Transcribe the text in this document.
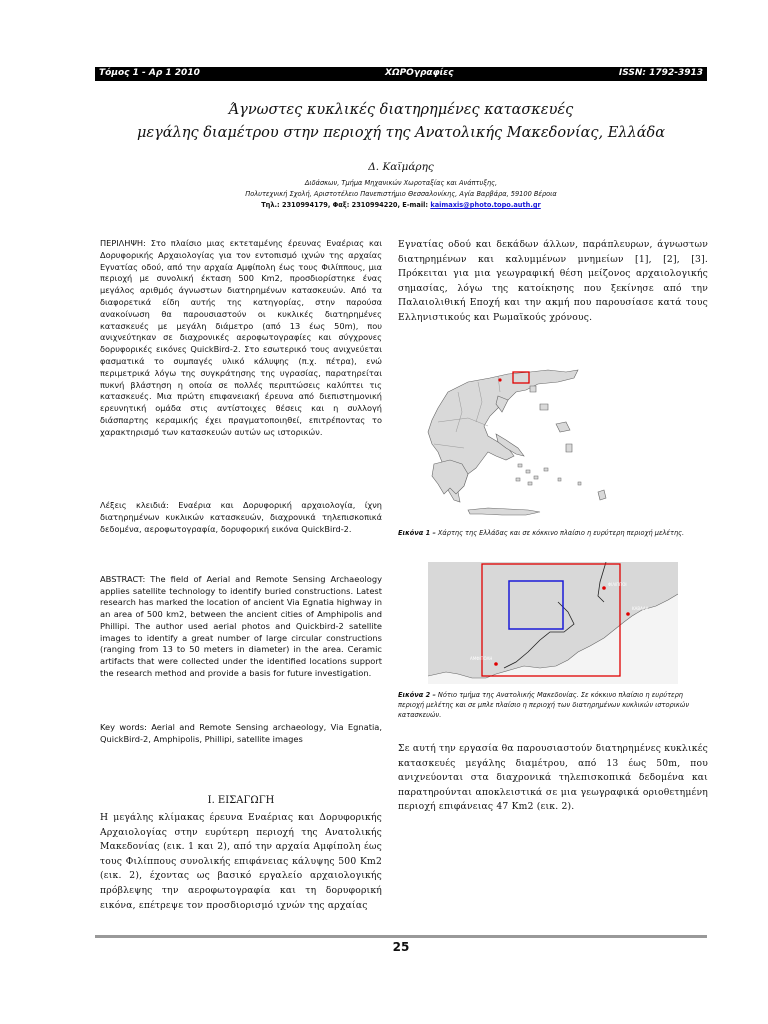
Τόμος 1 - Αρ 1 2010	ΧΩΡΟγραφίες	ISSN: 1792-3913
Άγνωστες κυκλικές διατηρημένες κατασκευές
μεγάλης διαμέτρου στην περιοχή της Ανατολικής Μακεδονίας, Ελλάδα
Δ. Καϊμάρης
Διδάσκων, Τμήμα Μηχανικών Χωροταξίας και Ανάπτυξης,
Πολυτεχνική Σχολή, Αριστοτέλειο Πανεπιστήμιο Θεσσαλονίκης, Αγία Βαρβάρα, 59100 Βέροια
Τηλ.: 2310994179, Φαξ: 2310994220, E-mail: kaimaxis@photo.topo.auth.gr
ΠΕΡΙΛΗΨΗ: Στο πλαίσιο μιας εκτεταμένης έρευνας Εναέριας και Δορυφορικής Αρχαιολογίας για τον εντοπισμό ιχνών της αρχαίας Εγνατίας οδού, από την αρχαία Αμφίπολη έως τους Φιλίππους, μια περιοχή με συνολική έκταση 500 Km2, προσδιορίστηκε ένας μεγάλος αριθμός άγνωστων διατηρημένων κατασκευών. Από τα διαφορετικά είδη αυτής της κατηγορίας, στην παρούσα ανακοίνωση θα παρουσιαστούν οι κυκλικές διατηρημένες κατασκευές με μεγάλη διάμετρο (από 13 έως 50m), που ανιχνεύτηκαν σε διαχρονικές αεροφωτογραφίες και σύγχρονες δορυφορικές εικόνες QuickBird-2. Στο εσωτερικό τους ανιχνεύεται φασματικά το συμπαγές υλικό κάλυψης (π.χ. πέτρα), ενώ περιμετρικά λόγω της συγκράτησης της υγρασίας, παρατηρείται πυκνή βλάστηση η οποία σε πολλές περιπτώσεις καλύπτει τις κατασκευές. Μια πρώτη επιφανειακή έρευνα από διεπιστημονική ερευνητική ομάδα στις αντίστοιχες θέσεις και η συλλογή διάσπαρτης κεραμικής έχει πραγματοποιηθεί, επιτρέποντας το χαρακτηρισμό των κατασκευών αυτών ως ιστορικών.
Λέξεις κλειδιά: Εναέρια και Δορυφορική αρχαιολογία, ίχνη διατηρημένων κυκλικών κατασκευών, διαχρονικά τηλεπισκοπικά δεδομένα, αεροφωτογραφία, δορυφορική εικόνα QuickBird-2.
ABSTRACT: The field of Aerial and Remote Sensing Archaeology applies satellite technology to identify buried constructions. Latest research has marked the location of ancient Via Egnatia highway in an area of 500 km2, between the ancient cities of Amphipolis and Phillipi. The author used aerial photos and Quickbird-2 satellite images to identify a great number of large circular constructions (ranging from 13 to 50 meters in diameter) in the area. Ceramic artifacts that were collected under the identified locations support the research method and provide a basis for future investigation.
Key words: Aerial and Remote Sensing archaeology, Via Egnatia, QuickBird-2, Amphipolis, Phillipi, satellite images
Ι. ΕΙΣΑΓΩΓΗ
Η μεγάλης κλίμακας έρευνα Εναέριας και Δορυφορικής Αρχαιολογίας στην ευρύτερη περιοχή της Ανατολικής Μακεδονίας (εικ. 1 και 2), από την αρχαία Αμφίπολη έως τους Φιλίππους συνολικής επιφάνειας κάλυψης 500 Km2 (εικ. 2), έχοντας ως βασικό εργαλείο αρχαιολογικής πρόβλεψης την αεροφωτογραφία και τη δορυφορική εικόνα, επέτρεψε τον προσδιορισμό ιχνών της αρχαίας
Εγνατίας οδού και δεκάδων άλλων, παράπλευρων, άγνωστων διατηρημένων και καλυμμένων μνημείων [1], [2], [3]. Πρόκειται για μια γεωγραφική θέση μείζονος αρχαιολογικής σημασίας, λόγω της κατοίκησης που ξεκίνησε από την Παλαιολιθική Εποχή και την ακμή που παρουσίασε κατά τους Ελληνιστικούς και Ρωμαϊκούς χρόνους.
Εικόνα 1 – Χάρτης της Ελλάδας και σε κόκκινο πλαίσιο η ευρύτερη περιοχή μελέτης.
ΚΑΒΑΛΑ
ΑΜΦΙΠΟΛΗ
ΦΙΛΙΠΠΟΙ
Εικόνα 2 – Νότιο τμήμα της Ανατολικής Μακεδονίας. Σε κόκκινο πλαίσιο η ευρύτερη περιοχή μελέτης και σε μπλε πλαίσιο η περιοχή των διατηρημένων κυκλικών ιστορικών κατασκευών.
Σε αυτή την εργασία θα παρουσιαστούν διατηρημένες κυκλικές κατασκευές μεγάλης διαμέτρου, από 13 έως 50m, που ανιχνεύονται στα διαχρονικά τηλεπισκοπικά δεδομένα και παρατηρούνται αποκλειστικά σε μια γεωγραφικά οριοθετημένη περιοχή επιφάνειας 47 Km2 (εικ. 2).
25
